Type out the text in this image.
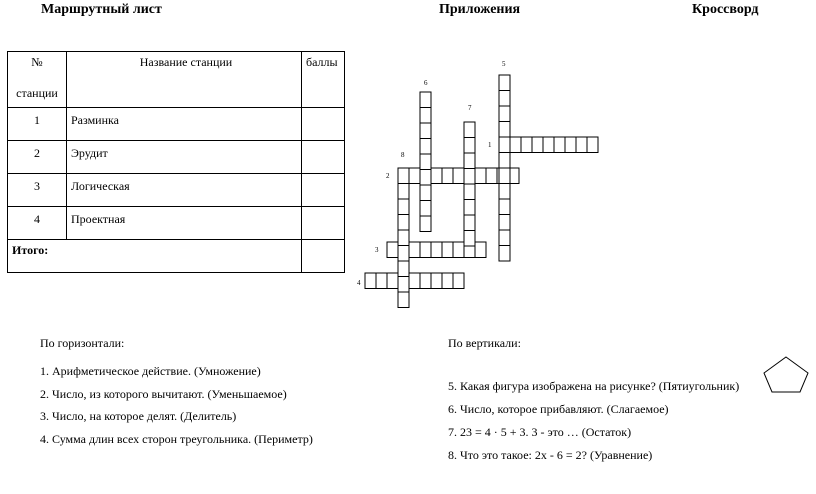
Маршрутный лист	Приложения	Кроссворд
№
станции	Название станции	баллы

1	Разминка	

2	Эрудит	

3	Логическая	

4	Проектная	

Итого:		

1
2
3
4
5
6
7
8
По горизонтали:
1. Арифметическое действие. (Умножение)
2. Число, из которого вычитают. (Уменьшаемое)
3. Число, на которое делят. (Делитель)
4. Сумма длин всех сторон треугольника. (Периметр)
По вертикали:
5. Какая фигура изображена на рисунке? (Пятиугольник)
6. Число, которое прибавляют. (Слагаемое)
7. 23 = 4 · 5 + 3. 3 - это … (Остаток)
8. Что это такое: 2х - 6 = 2? (Уравнение)
